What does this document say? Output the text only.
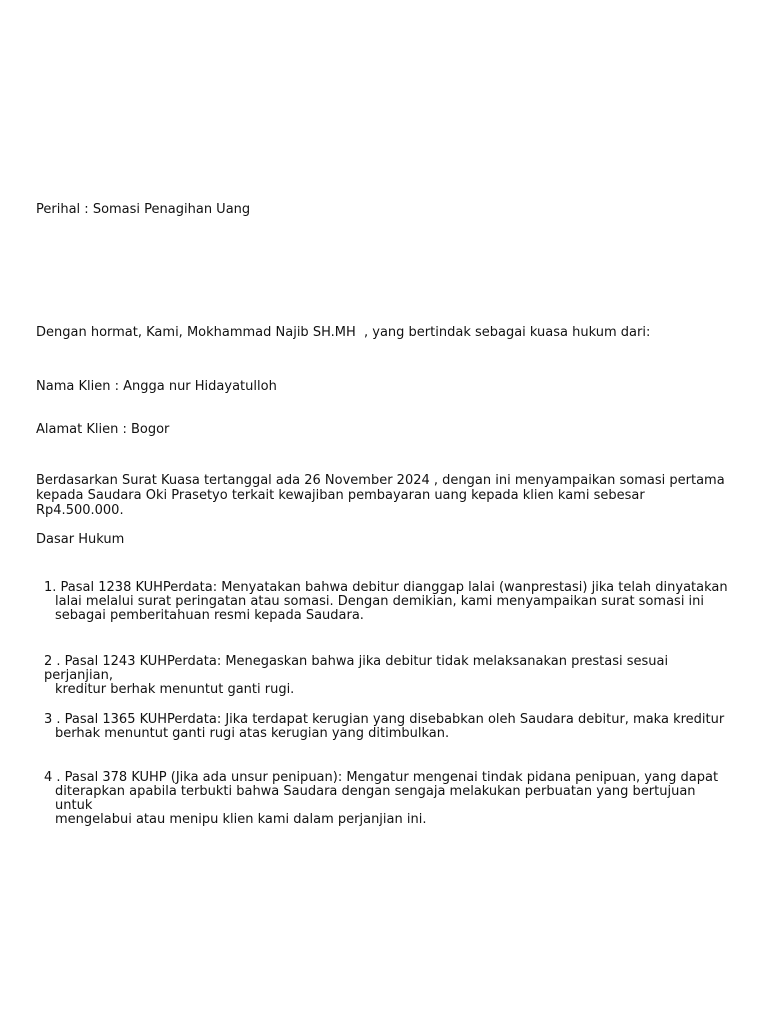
Perihal : Somasi Penagihan Uang
Dengan hormat, Kami, Mokhammad Najib SH.MH  , yang bertindak sebagai kuasa hukum dari:
Nama Klien : Angga nur Hidayatulloh
Alamat Klien : Bogor
Berdasarkan Surat Kuasa tertanggal ada 26 November 2024 , dengan ini menyampaikan somasi pertama
kepada Saudara Oki Prasetyo terkait kewajiban pembayaran uang kepada klien kami sebesar Rp4.500.000.
Dasar Hukum
1. Pasal 1238 KUHPerdata: Menyatakan bahwa debitur dianggap lalai (wanprestasi) jika telah dinyatakan
lalai melalui surat peringatan atau somasi. Dengan demikian, kami menyampaikan surat somasi ini
sebagai pemberitahuan resmi kepada Saudara.
2 . Pasal 1243 KUHPerdata: Menegaskan bahwa jika debitur tidak melaksanakan prestasi sesuai perjanjian,
kreditur berhak menuntut ganti rugi.
3 . Pasal 1365 KUHPerdata: Jika terdapat kerugian yang disebabkan oleh Saudara debitur, maka kreditur
berhak menuntut ganti rugi atas kerugian yang ditimbulkan.
4 . Pasal 378 KUHP (Jika ada unsur penipuan): Mengatur mengenai tindak pidana penipuan, yang dapat
diterapkan apabila terbukti bahwa Saudara dengan sengaja melakukan perbuatan yang bertujuan untuk
mengelabui atau menipu klien kami dalam perjanjian ini.
